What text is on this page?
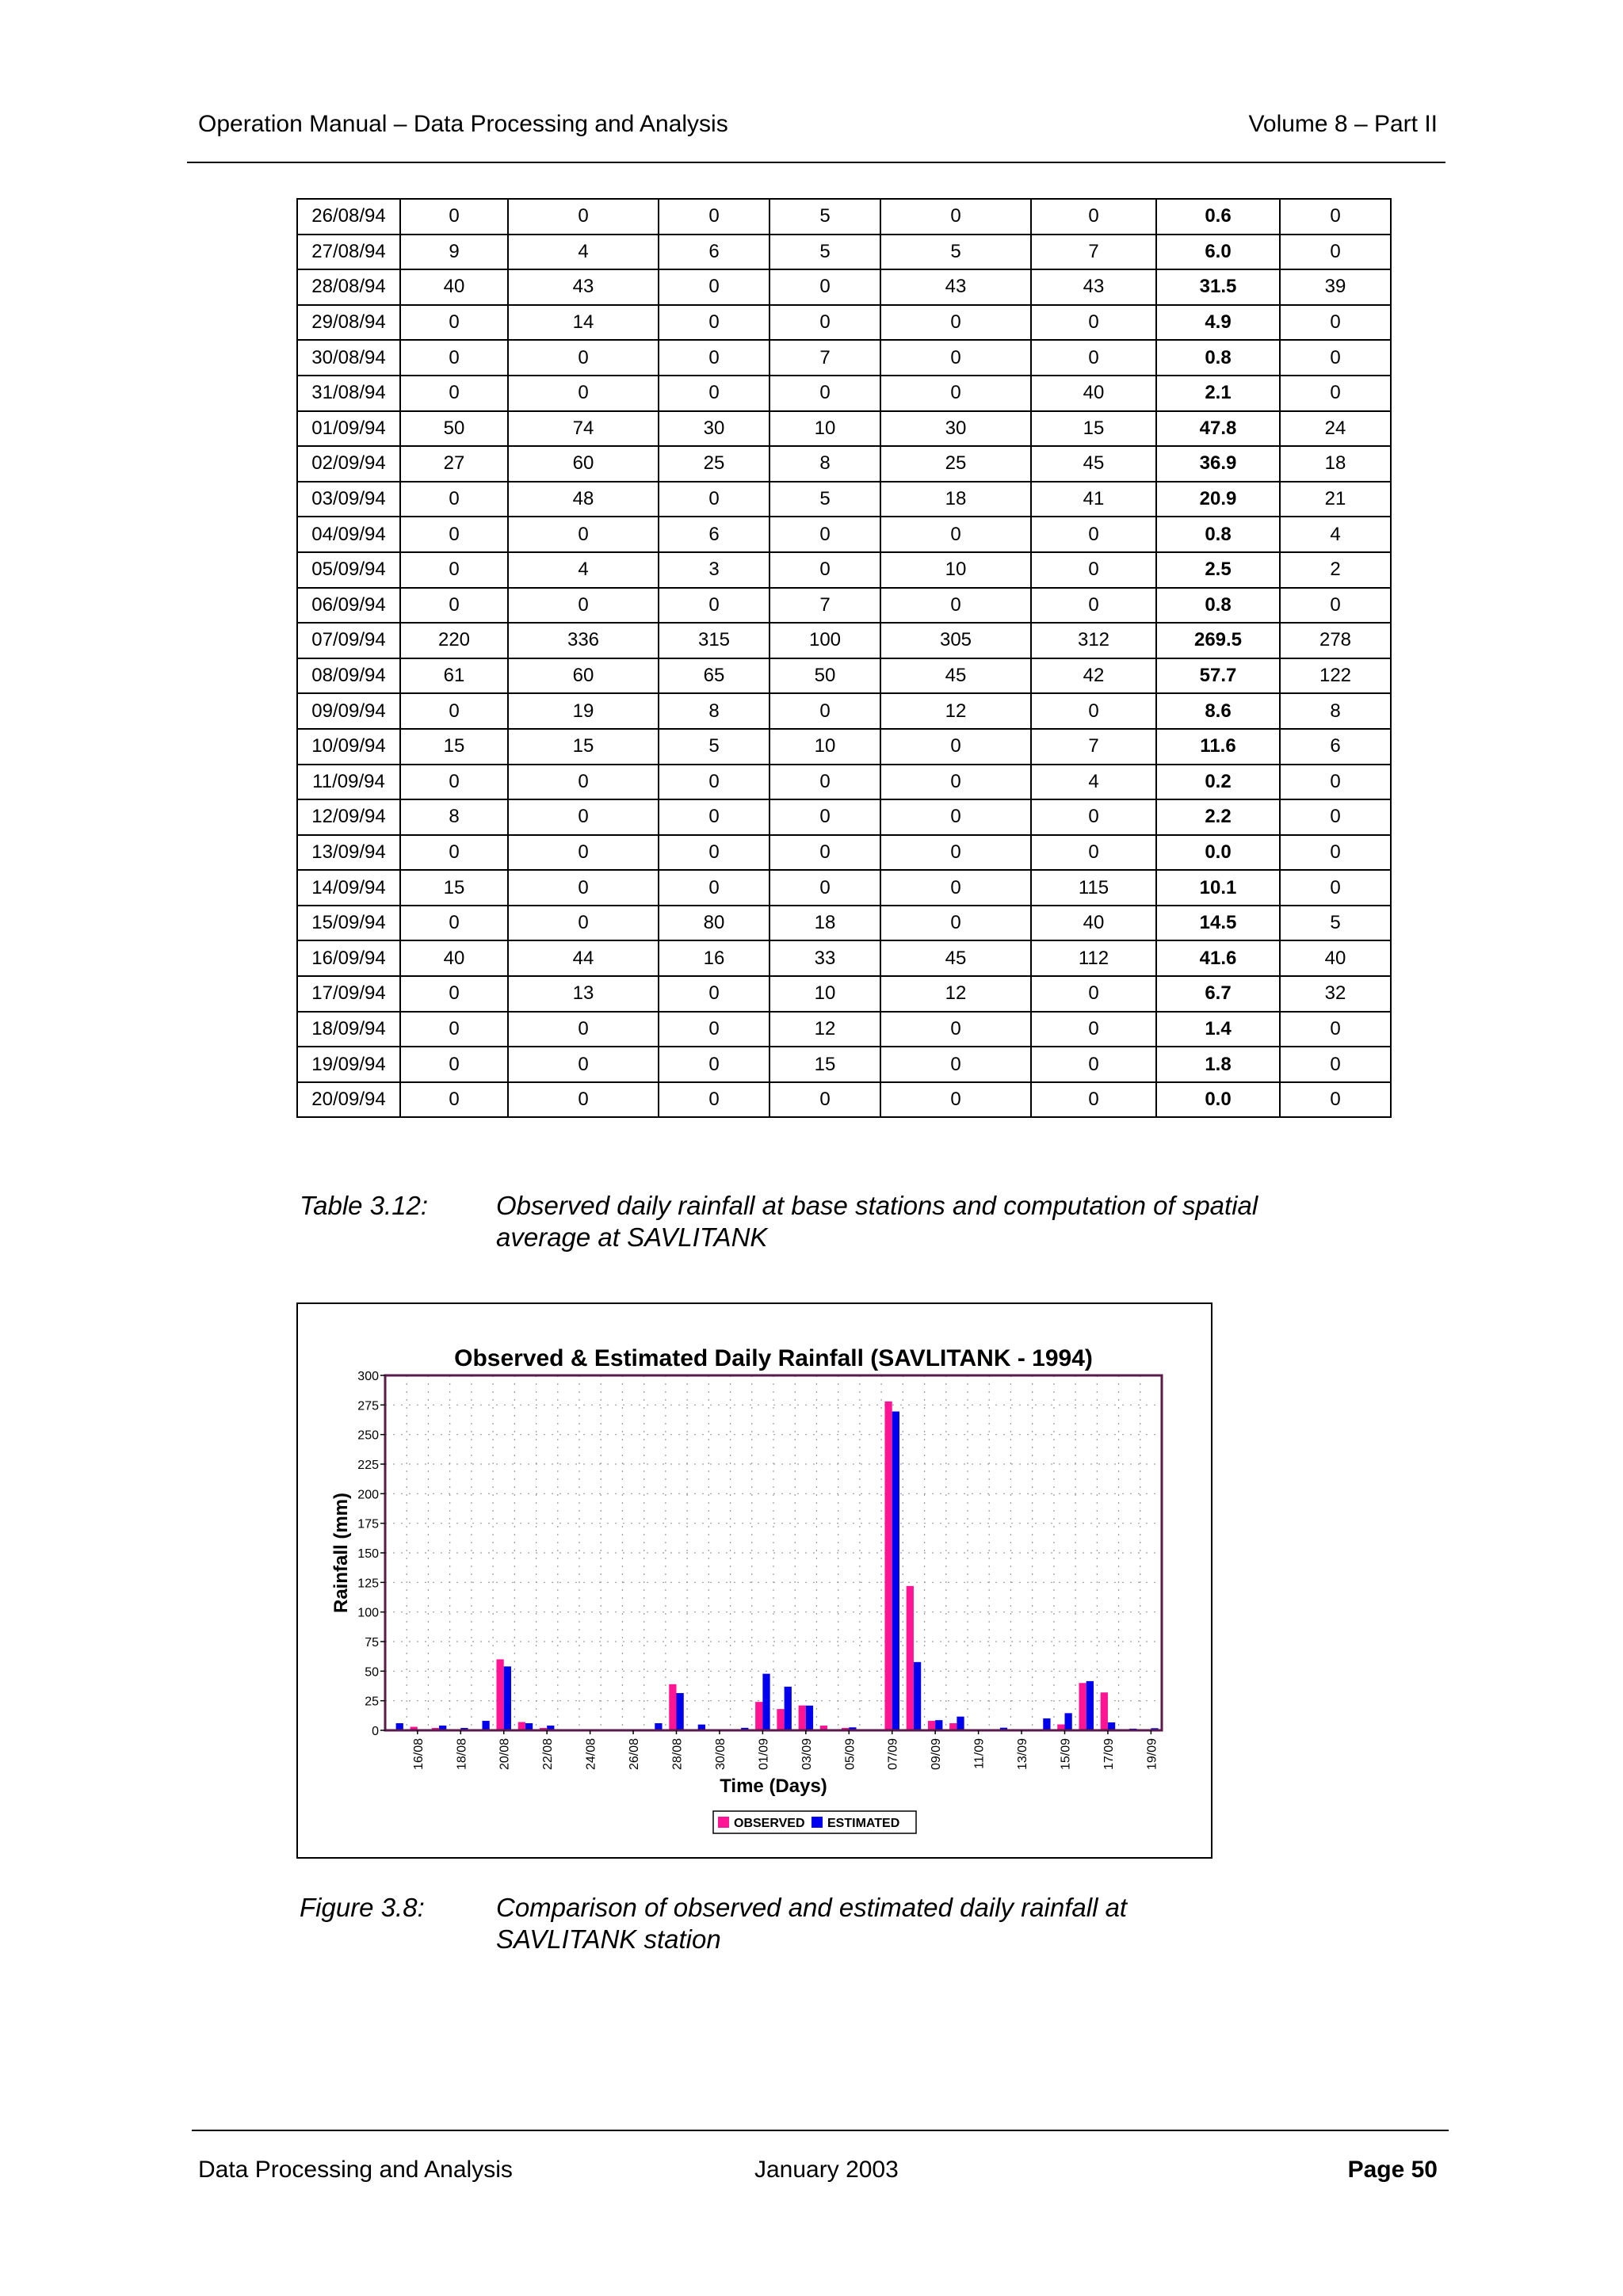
Operation Manual – Data Processing and Analysis	Volume 8 – Part II
26/08/94	0	0	0	5	0	0	0.6	0
27/08/94	9	4	6	5	5	7	6.0	0
28/08/94	40	43	0	0	43	43	31.5	39
29/08/94	0	14	0	0	0	0	4.9	0
30/08/94	0	0	0	7	0	0	0.8	0
31/08/94	0	0	0	0	0	40	2.1	0
01/09/94	50	74	30	10	30	15	47.8	24
02/09/94	27	60	25	8	25	45	36.9	18
03/09/94	0	48	0	5	18	41	20.9	21
04/09/94	0	0	6	0	0	0	0.8	4
05/09/94	0	4	3	0	10	0	2.5	2
06/09/94	0	0	0	7	0	0	0.8	0
07/09/94	220	336	315	100	305	312	269.5	278
08/09/94	61	60	65	50	45	42	57.7	122
09/09/94	0	19	8	0	12	0	8.6	8
10/09/94	15	15	5	10	0	7	11.6	6
11/09/94	0	0	0	0	0	4	0.2	0
12/09/94	8	0	0	0	0	0	2.2	0
13/09/94	0	0	0	0	0	0	0.0	0
14/09/94	15	0	0	0	0	115	10.1	0
15/09/94	0	0	80	18	0	40	14.5	5
16/09/94	40	44	16	33	45	112	41.6	40
17/09/94	0	13	0	10	12	0	6.7	32
18/09/94	0	0	0	12	0	0	1.4	0
19/09/94	0	0	0	15	0	0	1.8	0
20/09/94	0	0	0	0	0	0	0.0	0
Table 3.12:	Observed daily rainfall at base stations and computation of spatial
average at SAVLITANK
Observed & Estimated Daily Rainfall (SAVLITANK - 1994)
0
25
50
75
100
125
150
175
200
225
250
275
300
16/08 18/08 20/08 22/08 24/08 26/08 28/08 30/08 01/09 03/09 05/09 07/09 09/09 11/09 13/09 15/09 17/09 19/09
Time (Days)
Rainfall (mm)
OBSERVED ESTIMATED
Figure 3.8:	Comparison of observed and estimated daily rainfall at
SAVLITANK station
Data Processing and Analysis	January 2003	Page 50
